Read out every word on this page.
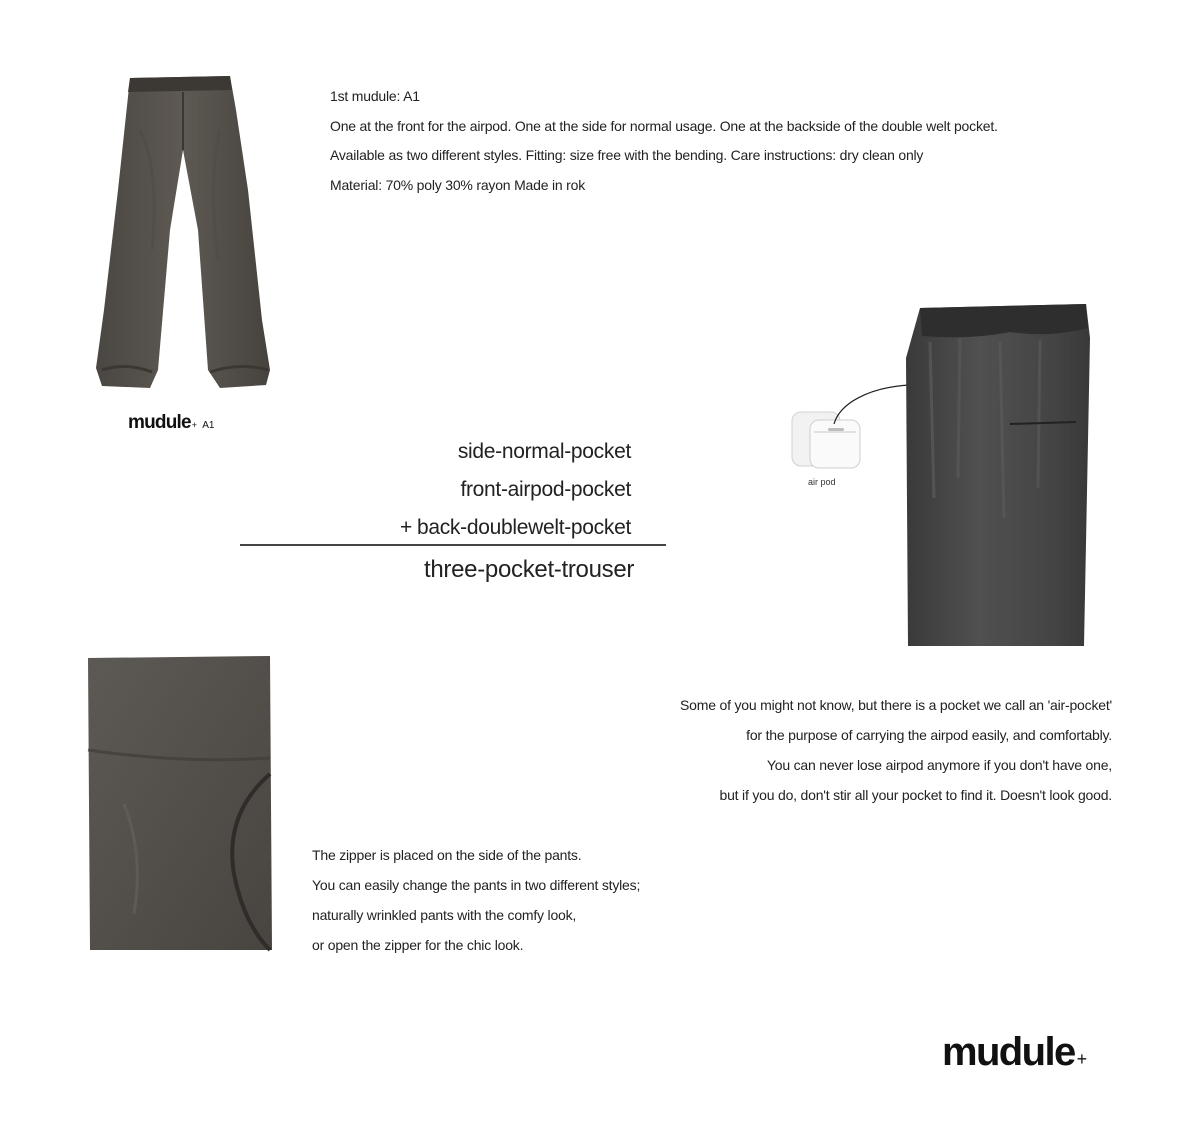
mudule+ A1
1st mudule: A1
One at the front for the airpod. One at the side for normal usage. One at the backside of the double welt pocket.
Available as two different styles. Fitting: size free with the bending. Care instructions: dry clean only
Material: 70% poly 30% rayon Made in rok
side-normal-pocket
front-airpod-pocket
+ back-doublewelt-pocket
three-pocket-trouser
air pod
Some of you might not know, but there is a pocket we call an 'air-pocket'
for the purpose of carrying the airpod easily, and comfortably.
You can never lose airpod anymore if you don't have one,
but if you do, don't stir all your pocket to find it. Doesn't look good.
The zipper is placed on the side of the pants.
You can easily change the pants in two different styles;
naturally wrinkled pants with the comfy look,
or open the zipper for the chic look.
mudule +
